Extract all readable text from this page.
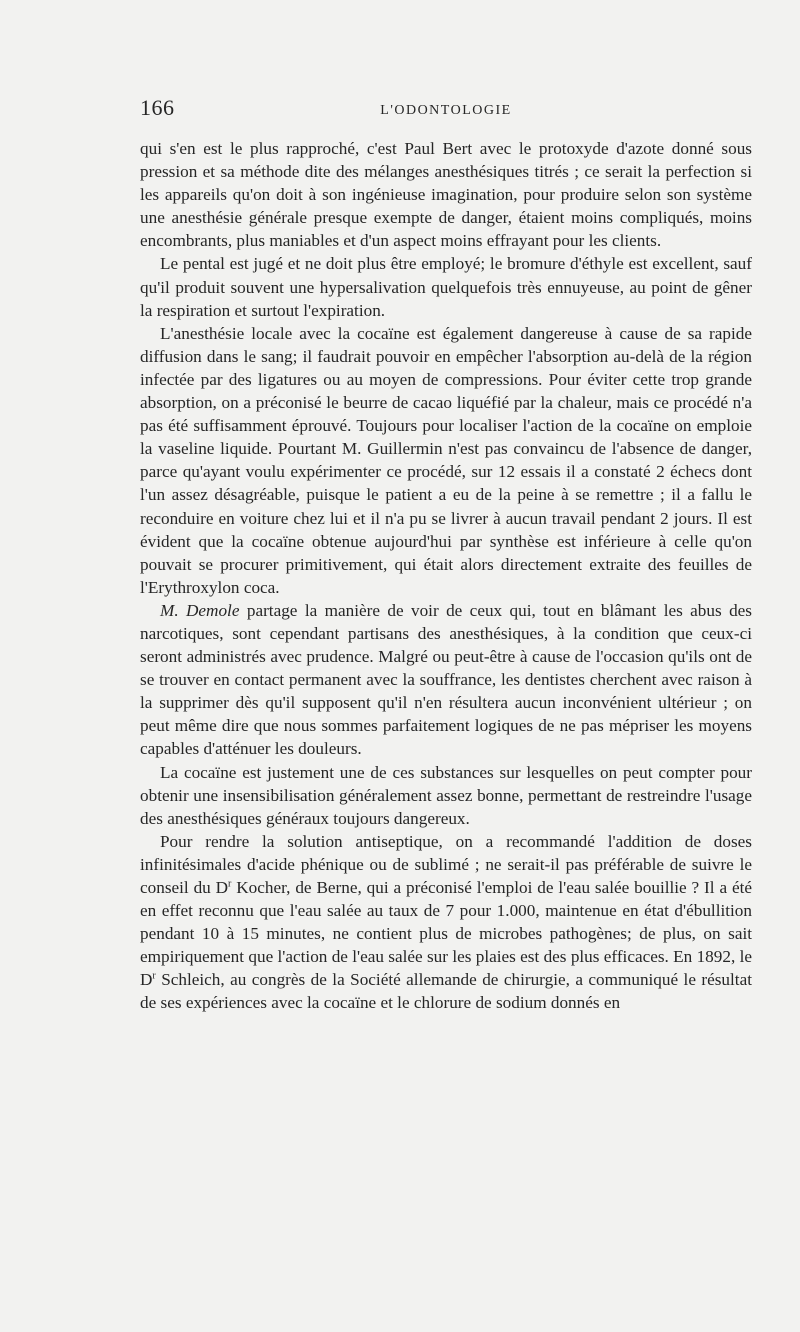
166	L'ODONTOLOGIE

qui s'en est le plus rapproché, c'est Paul Bert avec le protoxyde d'azote donné sous pression et sa méthode dite des mélanges anesthésiques titrés ; ce serait la perfection si les appareils qu'on doit à son ingénieuse imagination, pour produire selon son système une anesthésie générale presque exempte de danger, étaient moins compliqués, moins encombrants, plus maniables et d'un aspect moins effrayant pour les clients.

Le pental est jugé et ne doit plus être employé; le bromure d'éthyle est excellent, sauf qu'il produit souvent une hypersalivation quelquefois très ennuyeuse, au point de gêner la respiration et surtout l'expiration.

L'anesthésie locale avec la cocaïne est également dangereuse à cause de sa rapide diffusion dans le sang; il faudrait pouvoir en empêcher l'absorption au-delà de la région infectée par des ligatures ou au moyen de compressions. Pour éviter cette trop grande absorption, on a préconisé le beurre de cacao liquéfié par la chaleur, mais ce procédé n'a pas été suffisamment éprouvé. Toujours pour localiser l'action de la cocaïne on emploie la vaseline liquide. Pourtant M. Guillermin n'est pas convaincu de l'absence de danger, parce qu'ayant voulu expérimenter ce procédé, sur 12 essais il a constaté 2 échecs dont l'un assez désagréable, puisque le patient a eu de la peine à se remettre ; il a fallu le reconduire en voiture chez lui et il n'a pu se livrer à aucun travail pendant 2 jours. Il est évident que la cocaïne obtenue aujourd'hui par synthèse est inférieure à celle qu'on pouvait se procurer primitivement, qui était alors directement extraite des feuilles de l'Erythroxylon coca.

M. Demole partage la manière de voir de ceux qui, tout en blâmant les abus des narcotiques, sont cependant partisans des anesthésiques, à la condition que ceux-ci seront administrés avec prudence. Malgré ou peut-être à cause de l'occasion qu'ils ont de se trouver en contact permanent avec la souffrance, les dentistes cherchent avec raison à la supprimer dès qu'il supposent qu'il n'en résultera aucun inconvénient ultérieur ; on peut même dire que nous sommes parfaitement logiques de ne pas mépriser les moyens capables d'atténuer les douleurs.

La cocaïne est justement une de ces substances sur lesquelles on peut compter pour obtenir une insensibilisation généralement assez bonne, permettant de restreindre l'usage des anesthésiques généraux toujours dangereux.

Pour rendre la solution antiseptique, on a recommandé l'addition de doses infinitésimales d'acide phénique ou de sublimé ; ne serait-il pas préférable de suivre le conseil du $D^r$ Kocher, de Berne, qui a préconisé l'emploi de l'eau salée bouillie ? Il a été en effet reconnu que l'eau salée au taux de 7 pour 1.000, maintenue en état d'ébullition pendant 10 à 15 minutes, ne contient plus de microbes pathogènes; de plus, on sait empiriquement que l'action de l'eau salée sur les plaies est des plus efficaces. En 1892, le $D^r$ Schleich, au congrès de la Société allemande de chirurgie, a communiqué le résultat de ses expériences avec la cocaïne et le chlorure de sodium donnés en
